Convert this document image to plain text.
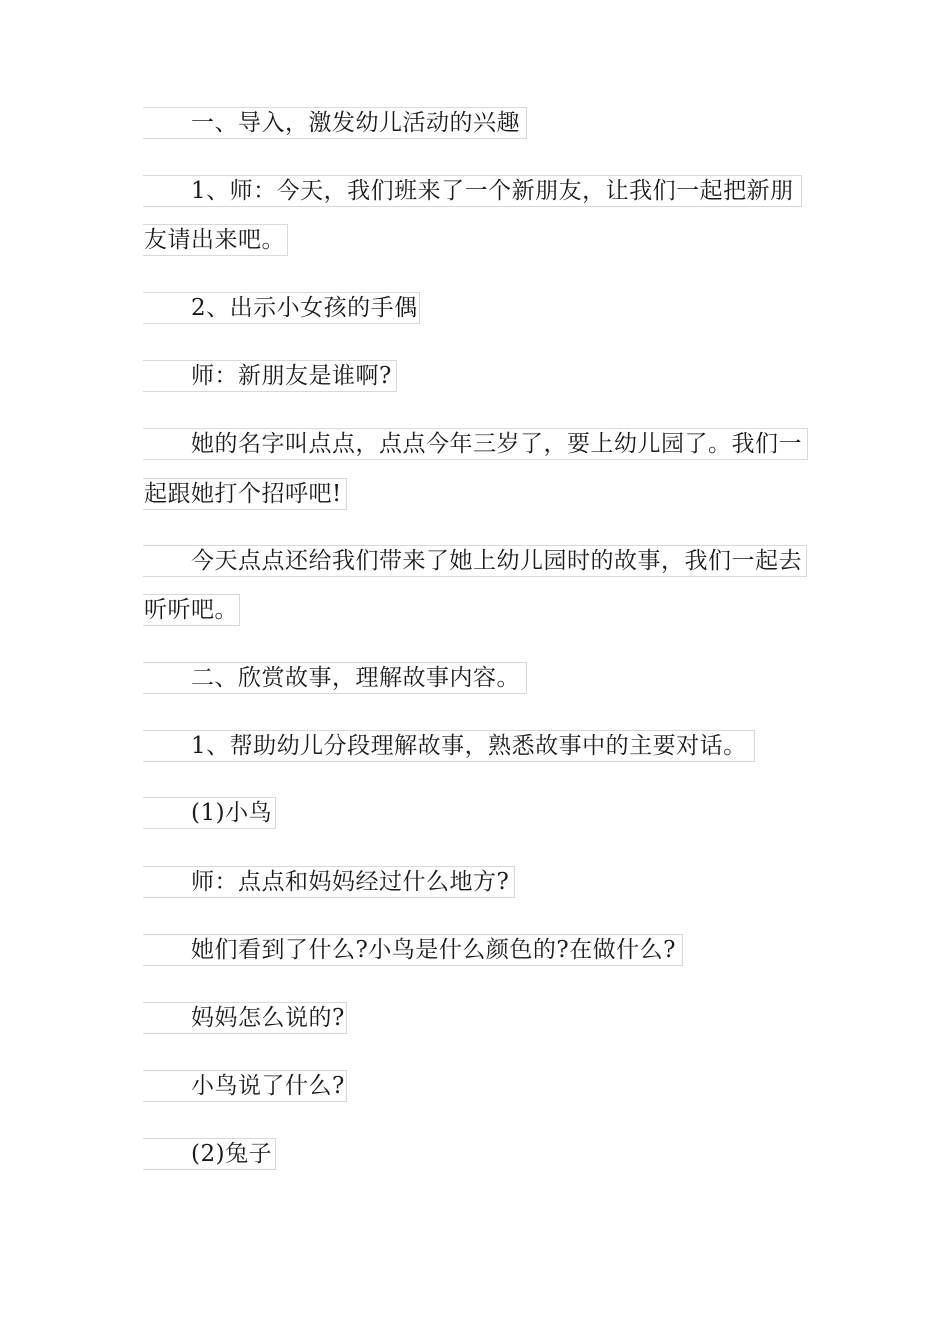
一、导入，激发幼儿活动的兴趣
1、师：今天，我们班来了一个新朋友，让我们一起把新朋
友请出来吧。
2、出示小女孩的手偶
师：新朋友是谁啊?
她的名字叫点点，点点今年三岁了，要上幼儿园了。我们一
起跟她打个招呼吧!
今天点点还给我们带来了她上幼儿园时的故事，我们一起去
听听吧。
二、欣赏故事，理解故事内容。
1、帮助幼儿分段理解故事，熟悉故事中的主要对话。
(1)小鸟
师：点点和妈妈经过什么地方?
她们看到了什么?小鸟是什么颜色的?在做什么?
妈妈怎么说的?
小鸟说了什么?
(2)兔子
